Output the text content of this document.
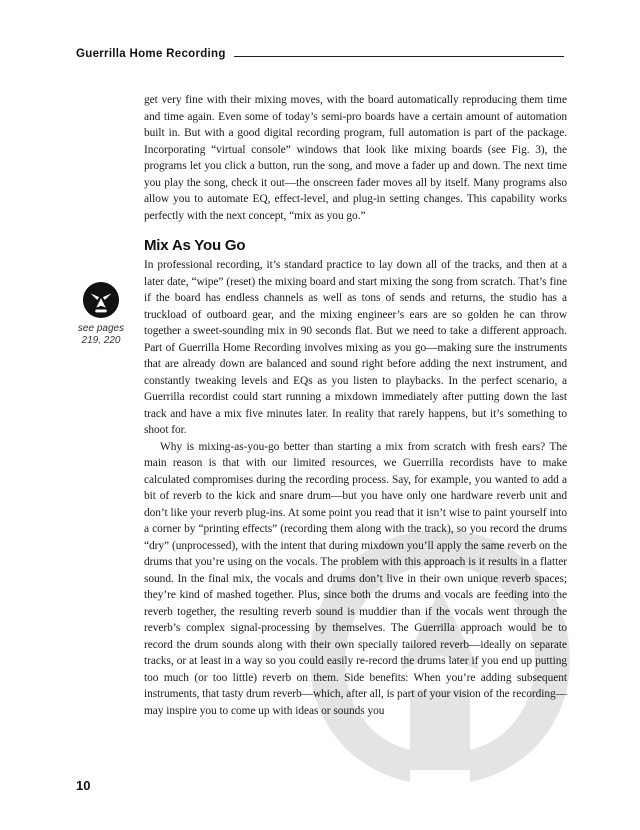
Guerrilla Home Recording

get very fine with their mixing moves, with the board automatically reproducing them time and time again. Even some of today’s semi-pro boards have a certain amount of automation built in. But with a good digital recording program, full automation is part of the package. Incorporating “virtual console” windows that look like mixing boards (see Fig. 3), the programs let you click a button, run the song, and move a fader up and down. The next time you play the song, check it out—the onscreen fader moves all by itself. Many programs also allow you to automate EQ, effect-level, and plug-in setting changes. This capability works perfectly with the next concept, “mix as you go.”

Mix As You Go

In professional recording, it’s standard practice to lay down all of the tracks, and then at a later date, “wipe” (reset) the mixing board and start mixing the song from scratch. That’s fine if the board has endless channels as well as tons of sends and returns, the studio has a truckload of outboard gear, and the mixing engineer’s ears are so golden he can throw together a sweet-sounding mix in 90 seconds flat. But we need to take a different approach. Part of Guerrilla Home Recording involves mixing as you go—making sure the instruments that are already down are balanced and sound right before adding the next instrument, and constantly tweaking levels and EQs as you listen to playbacks. In the perfect scenario, a Guerrilla recordist could start running a mixdown immediately after putting down the last track and have a mix five minutes later. In reality that rarely happens, but it’s something to shoot for.

Why is mixing-as-you-go better than starting a mix from scratch with fresh ears? The main reason is that with our limited resources, we Guerrilla recordists have to make calculated compromises during the recording process. Say, for example, you wanted to add a bit of reverb to the kick and snare drum—but you have only one hardware reverb unit and don’t like your reverb plug-ins. At some point you read that it isn’t wise to paint yourself into a corner by “printing effects” (recording them along with the track), so you record the drums “dry” (unprocessed), with the intent that during mixdown you’ll apply the same reverb on the drums that you’re using on the vocals. The problem with this approach is it results in a flatter sound. In the final mix, the vocals and drums don’t live in their own unique reverb spaces; they’re kind of mashed together. Plus, since both the drums and vocals are feeding into the reverb together, the resulting reverb sound is muddier than if the vocals went through the reverb’s complex signal-processing by themselves. The Guerrilla approach would be to record the drum sounds along with their own specially tailored reverb—ideally on separate tracks, or at least in a way so you could easily re-record the drums later if you end up putting too much (or too little) reverb on them. Side benefits: When you’re adding subsequent instruments, that tasty drum reverb—which, after all, is part of your vision of the recording—may inspire you to come up with ideas or sounds you

see pages
219, 220
10
